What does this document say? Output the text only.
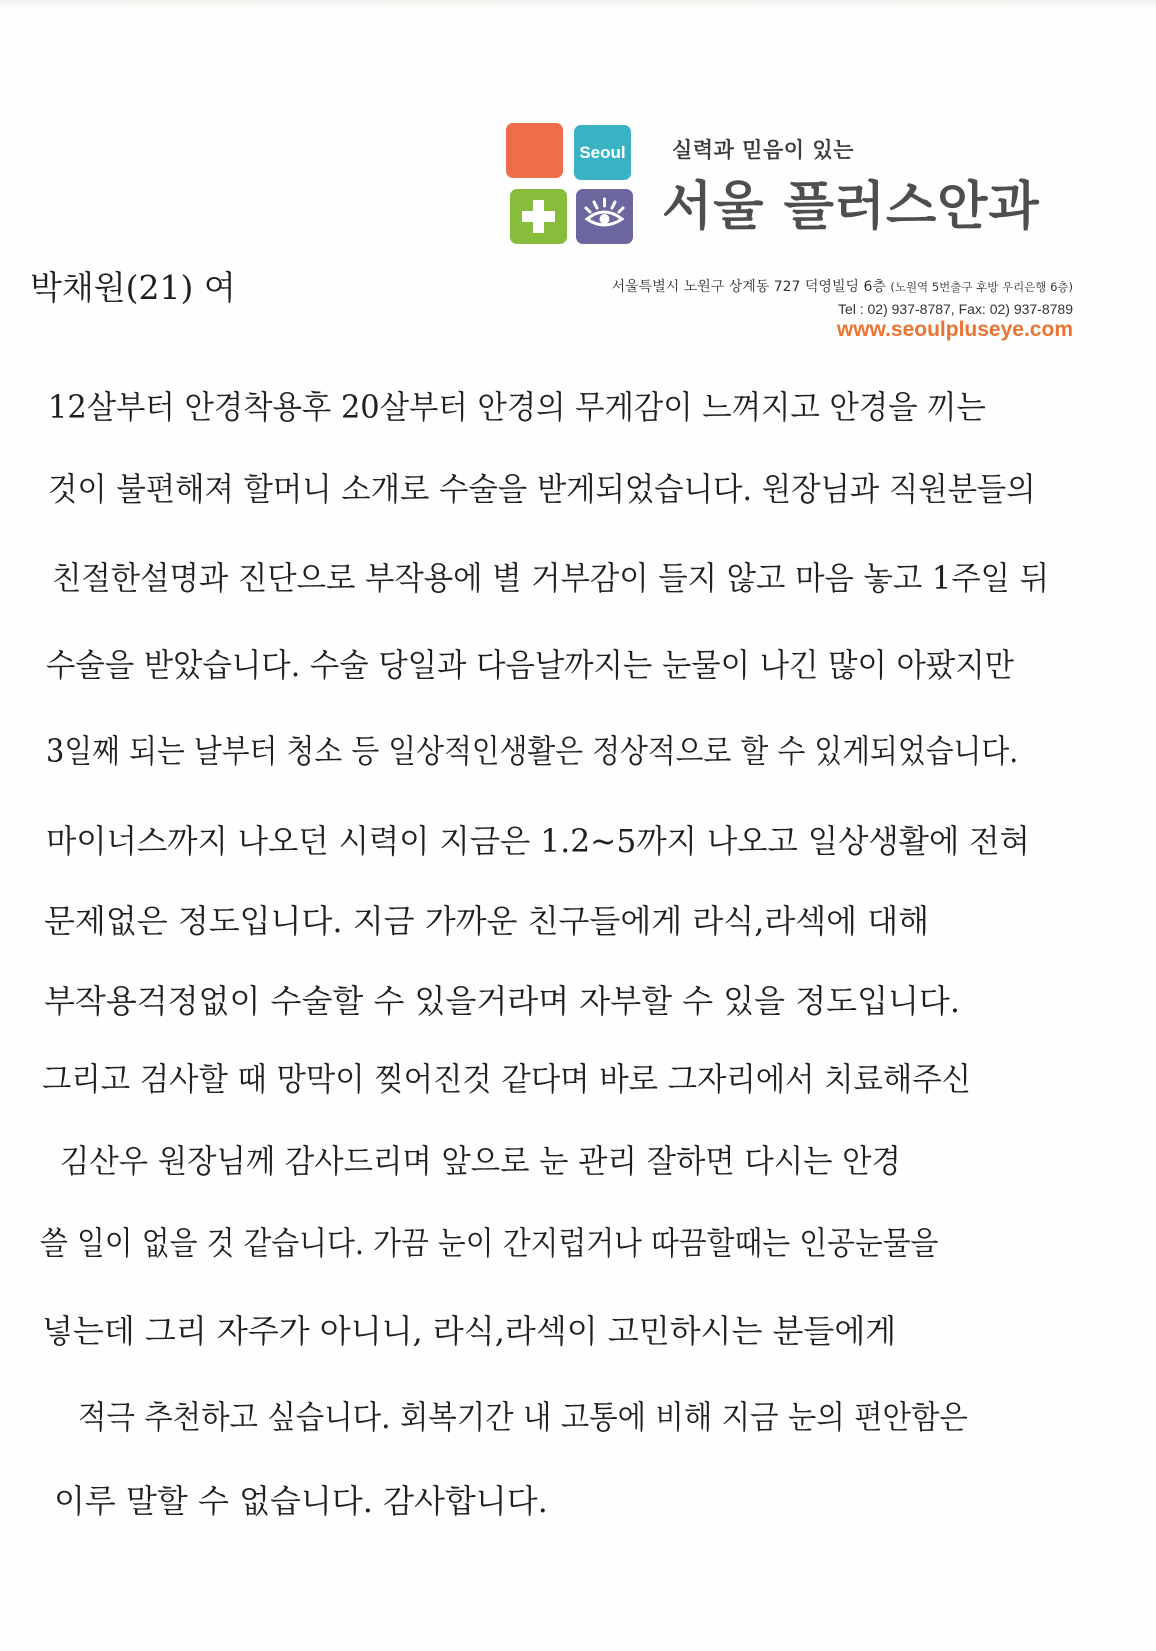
Seoul 실력과 믿음이 있는
서울 플러스안과
서울특별시 노원구 상계동 727 덕영빌딩 6층 (노원역 5번출구 후방 우리은행 6층)
Tel : 02) 937-8787, Fax: 02) 937-8789
www.seoulpluseye.com
박채원(21) 여
12살부터 안경착용후 20살부터 안경의 무게감이 느껴지고 안경을 끼는
것이 불편해져 할머니 소개로 수술을 받게되었습니다. 원장님과 직원분들의
친절한설명과 진단으로 부작용에 별 거부감이 들지 않고 마음 놓고 1주일 뒤
수술을 받았습니다. 수술 당일과 다음날까지는 눈물이 나긴 많이 아팠지만
3일째 되는 날부터 청소 등 일상적인생활은 정상적으로 할 수 있게되었습니다.
마이너스까지 나오던 시력이 지금은 1.2~5까지 나오고 일상생활에 전혀
문제없은 정도입니다. 지금 가까운 친구들에게 라식,라섹에 대해
부작용걱정없이 수술할 수 있을거라며 자부할 수 있을 정도입니다.
그리고 검사할 때 망막이 찢어진것 같다며 바로 그자리에서 치료해주신
김산우 원장님께 감사드리며 앞으로 눈 관리 잘하면 다시는 안경
쓸 일이 없을 것 같습니다. 가끔 눈이 간지럽거나 따끔할때는 인공눈물을
넣는데 그리 자주가 아니니, 라식,라섹이 고민하시는 분들에게
적극 추천하고 싶습니다. 회복기간 내 고통에 비해 지금 눈의 편안함은
이루 말할 수 없습니다. 감사합니다.
